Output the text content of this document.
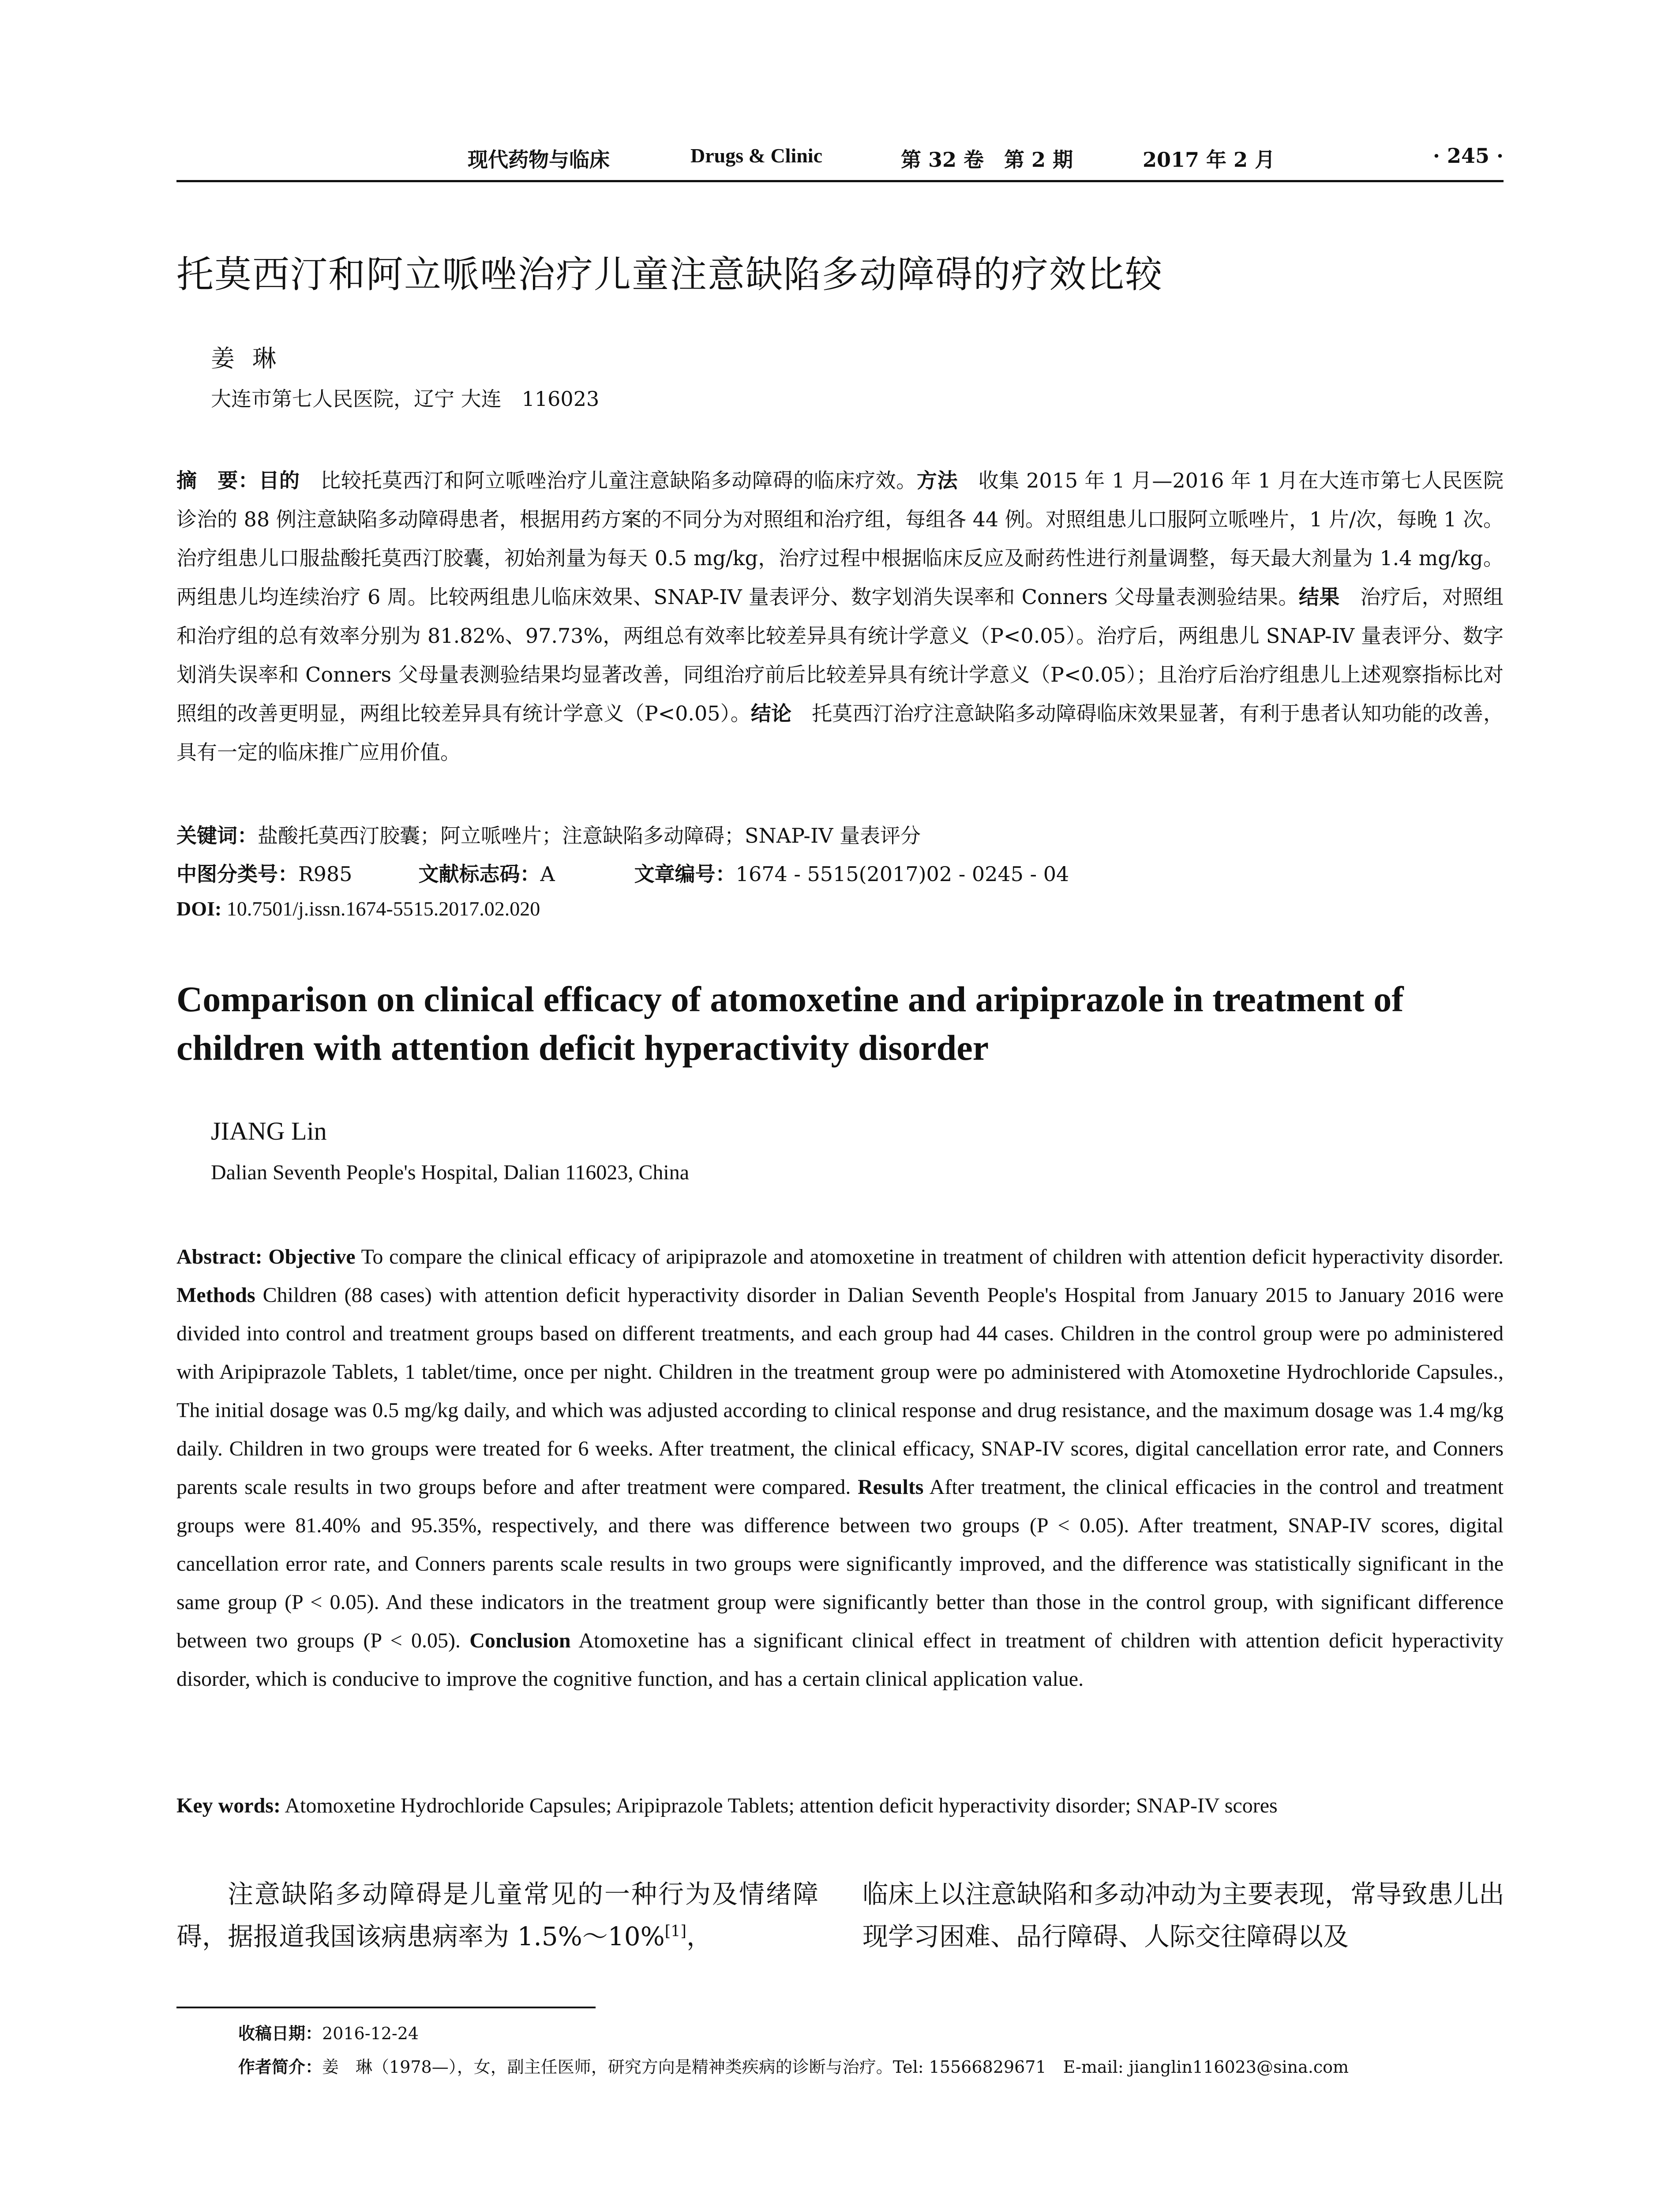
现代药物与临床	Drugs & Clinic	第 32 卷　第 2 期	2017 年 2 月	· 245 ·
托莫西汀和阿立哌唑治疗儿童注意缺陷多动障碍的疗效比较
姜琳
大连市第七人民医院，辽宁 大连　116023
摘　要：目的　比较托莫西汀和阿立哌唑治疗儿童注意缺陷多动障碍的临床疗效。方法　收集 2015 年 1 月—2016 年 1 月在大连市第七人民医院诊治的 88 例注意缺陷多动障碍患者，根据用药方案的不同分为对照组和治疗组，每组各 44 例。对照组患儿口服阿立哌唑片，1 片/次，每晚 1 次。治疗组患儿口服盐酸托莫西汀胶囊，初始剂量为每天 0.5 mg/kg，治疗过程中根据临床反应及耐药性进行剂量调整，每天最大剂量为 1.4 mg/kg。两组患儿均连续治疗 6 周。比较两组患儿临床效果、SNAP-IV 量表评分、数字划消失误率和 Conners 父母量表测验结果。结果　治疗后，对照组和治疗组的总有效率分别为 81.82%、97.73%，两组总有效率比较差异具有统计学意义（P<0.05）。治疗后，两组患儿 SNAP-IV 量表评分、数字划消失误率和 Conners 父母量表测验结果均显著改善，同组治疗前后比较差异具有统计学意义（P<0.05）；且治疗后治疗组患儿上述观察指标比对照组的改善更明显，两组比较差异具有统计学意义（P<0.05）。结论　托莫西汀治疗注意缺陷多动障碍临床效果显著，有利于患者认知功能的改善，具有一定的临床推广应用价值。
关键词：盐酸托莫西汀胶囊；阿立哌唑片；注意缺陷多动障碍；SNAP-IV 量表评分
中图分类号：R985	文献标志码：A	文章编号：1674 - 5515(2017)02 - 0245 - 04
DOI: 10.7501/j.issn.1674-5515.2017.02.020
Comparison on clinical efficacy of atomoxetine and aripiprazole in treatment of children with attention deficit hyperactivity disorder
JIANG Lin
Dalian Seventh People's Hospital, Dalian 116023, China
Abstract: Objective To compare the clinical efficacy of aripiprazole and atomoxetine in treatment of children with attention deficit hyperactivity disorder. Methods Children (88 cases) with attention deficit hyperactivity disorder in Dalian Seventh People's Hospital from January 2015 to January 2016 were divided into control and treatment groups based on different treatments, and each group had 44 cases. Children in the control group were po administered with Aripiprazole Tablets, 1 tablet/time, once per night. Children in the treatment group were po administered with Atomoxetine Hydrochloride Capsules., The initial dosage was 0.5 mg/kg daily, and which was adjusted according to clinical response and drug resistance, and the maximum dosage was 1.4 mg/kg daily. Children in two groups were treated for 6 weeks. After treatment, the clinical efficacy, SNAP-IV scores, digital cancellation error rate, and Conners parents scale results in two groups before and after treatment were compared. Results After treatment, the clinical efficacies in the control and treatment groups were 81.40% and 95.35%, respectively, and there was difference between two groups (P < 0.05). After treatment, SNAP-IV scores, digital cancellation error rate, and Conners parents scale results in two groups were significantly improved, and the difference was statistically significant in the same group (P < 0.05). And these indicators in the treatment group were significantly better than those in the control group, with significant difference between two groups (P < 0.05). Conclusion Atomoxetine has a significant clinical effect in treatment of children with attention deficit hyperactivity disorder, which is conducive to improve the cognitive function, and has a certain clinical application value.
Key words: Atomoxetine Hydrochloride Capsules; Aripiprazole Tablets; attention deficit hyperactivity disorder; SNAP-IV scores
注意缺陷多动障碍是儿童常见的一种行为及情绪障碍，据报道我国该病患病率为 1.5%～10%[1]，
临床上以注意缺陷和多动冲动为主要表现，常导致患儿出现学习困难、品行障碍、人际交往障碍以及
收稿日期：2016-12-24
作者简介：姜　琳（1978—），女，副主任医师，研究方向是精神类疾病的诊断与治疗。Tel: 15566829671　E-mail: jianglin116023@sina.com
